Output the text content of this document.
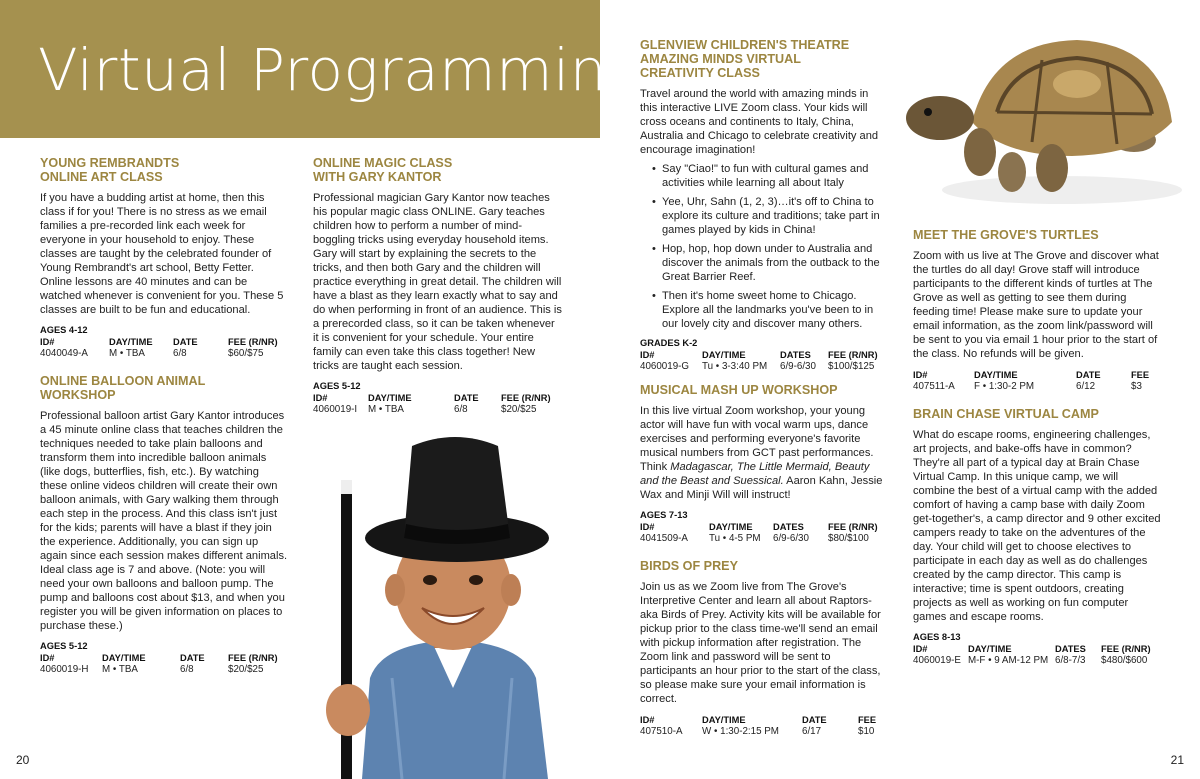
Virtual Programming
YOUNG REMBRANDTS
ONLINE ART CLASS
If you have a budding artist at home, then this class if for you! There is no stress as we email families a pre-recorded link each week for everyone in your household to enjoy. These classes are taught by the celebrated founder of Young Rembrandt's art school, Betty Fetter. Online lessons are 40 minutes and can be watched whenever is convenient for you. These 5 classes are built to be fun and educational.
AGES 4-12
ID#	DAY/TIME	DATE	FEE (R/NR)
4040049-A	M • TBA	6/8	$60/$75
ONLINE BALLOON ANIMAL
WORKSHOP
Professional balloon artist Gary Kantor introduces a 45 minute online class that teaches children the techniques needed to take plain balloons and transform them into incredible balloon animals (like dogs, butterflies, fish, etc.). By watching these online videos children will create their own balloon animals, with Gary walking them through each step in the process. And this class isn't just for the kids; parents will have a blast if they join the experience. Additionally, you can sign up again since each session makes different animals. Ideal class age is 7 and above. (Note: you will need your own balloons and balloon pump. The pump and balloons cost about $13, and when you register you will be given information on places to purchase these.)
AGES 5-12
ID#	DAY/TIME	DATE	FEE (R/NR)
4060019-H	M • TBA	6/8	$20/$25
ONLINE MAGIC CLASS
WITH GARY KANTOR
Professional magician Gary Kantor now teaches his popular magic class ONLINE. Gary teaches children how to perform a number of mind-boggling tricks using everyday household items. Gary will start by explaining the secrets to the tricks, and then both Gary and the children will practice everything in great detail. The children will have a blast as they learn exactly what to say and do when performing in front of an audience. This is a prerecorded class, so it can be taken whenever it is convenient for your schedule. Your entire family can even take this class together! New tricks are taught each session.
AGES 5-12
ID#	DAY/TIME	DATE	FEE (R/NR)
4060019-I	M • TBA	6/8	$20/$25
GLENVIEW CHILDREN'S THEATRE
AMAZING MINDS VIRTUAL
CREATIVITY CLASS
Travel around the world with amazing minds in this interactive LIVE Zoom class. Your kids will cross oceans and continents to Italy, China, Australia and Chicago to celebrate creativity and encourage imagination!
• Say "Ciao!" to fun with cultural games and activities while learning all about Italy
• Yee, Uhr, Sahn (1, 2, 3)…it's off to China to explore its culture and traditions; take part in games played by kids in China!
• Hop, hop, hop down under to Australia and discover the animals from the outback to the Great Barrier Reef.
• Then it's home sweet home to Chicago. Explore all the landmarks you've been to in our lovely city and discover many others.
GRADES K-2
ID#	DAY/TIME	DATES	FEE (R/NR)
4060019-G	Tu • 3-3:40 PM	6/9-6/30	$100/$125
MUSICAL MASH UP WORKSHOP
In this live virtual Zoom workshop, your young actor will have fun with vocal warm ups, dance exercises and performing everyone's favorite musical numbers from GCT past performances. Think Madagascar, The Little Mermaid, Beauty and the Beast and Suessical. Aaron Kahn, Jessie Wax and Minji Will will instruct!
AGES 7-13
ID#	DAY/TIME	DATES	FEE (R/NR)
4041509-A	Tu • 4-5 PM	6/9-6/30	$80/$100
BIRDS OF PREY
Join us as we Zoom live from The Grove's Interpretive Center and learn all about Raptors-aka Birds of Prey. Activity kits will be available for pickup prior to the class time-we'll send an email with pickup information after registration. The Zoom link and password will be sent to participants an hour prior to the start of the class, so please make sure your email information is correct.
ID#	DAY/TIME	DATE	FEE
407510-A	W • 1:30-2:15 PM	6/17	$10
MEET THE GROVE'S TURTLES
Zoom with us live at The Grove and discover what the turtles do all day! Grove staff will introduce participants to the different kinds of turtles at The Grove as well as getting to see them during feeding time! Please make sure to update your email information, as the zoom link/password will be sent to you via email 1 hour prior to the start of the class. No refunds will be given.
ID#	DAY/TIME	DATE	FEE
407511-A	F • 1:30-2 PM	6/12	$3
BRAIN CHASE VIRTUAL CAMP
What do escape rooms, engineering challenges, art projects, and bake-offs have in common? They're all part of a typical day at Brain Chase Virtual Camp. In this unique camp, we will combine the best of a virtual camp with the added comfort of having a camp base with daily Zoom get-together's, a camp director and 9 other excited campers ready to take on the adventures of the day. Your child will get to choose electives to participate in each day as well as do challenges created by the camp director. This camp is interactive; time is spent outdoors, creating projects as well as working on fun computer games and escape rooms.
AGES 8-13
ID#	DAY/TIME	DATES	FEE (R/NR)
4060019-E	M-F • 9 AM-12 PM	6/8-7/3	$480/$600
20	21
